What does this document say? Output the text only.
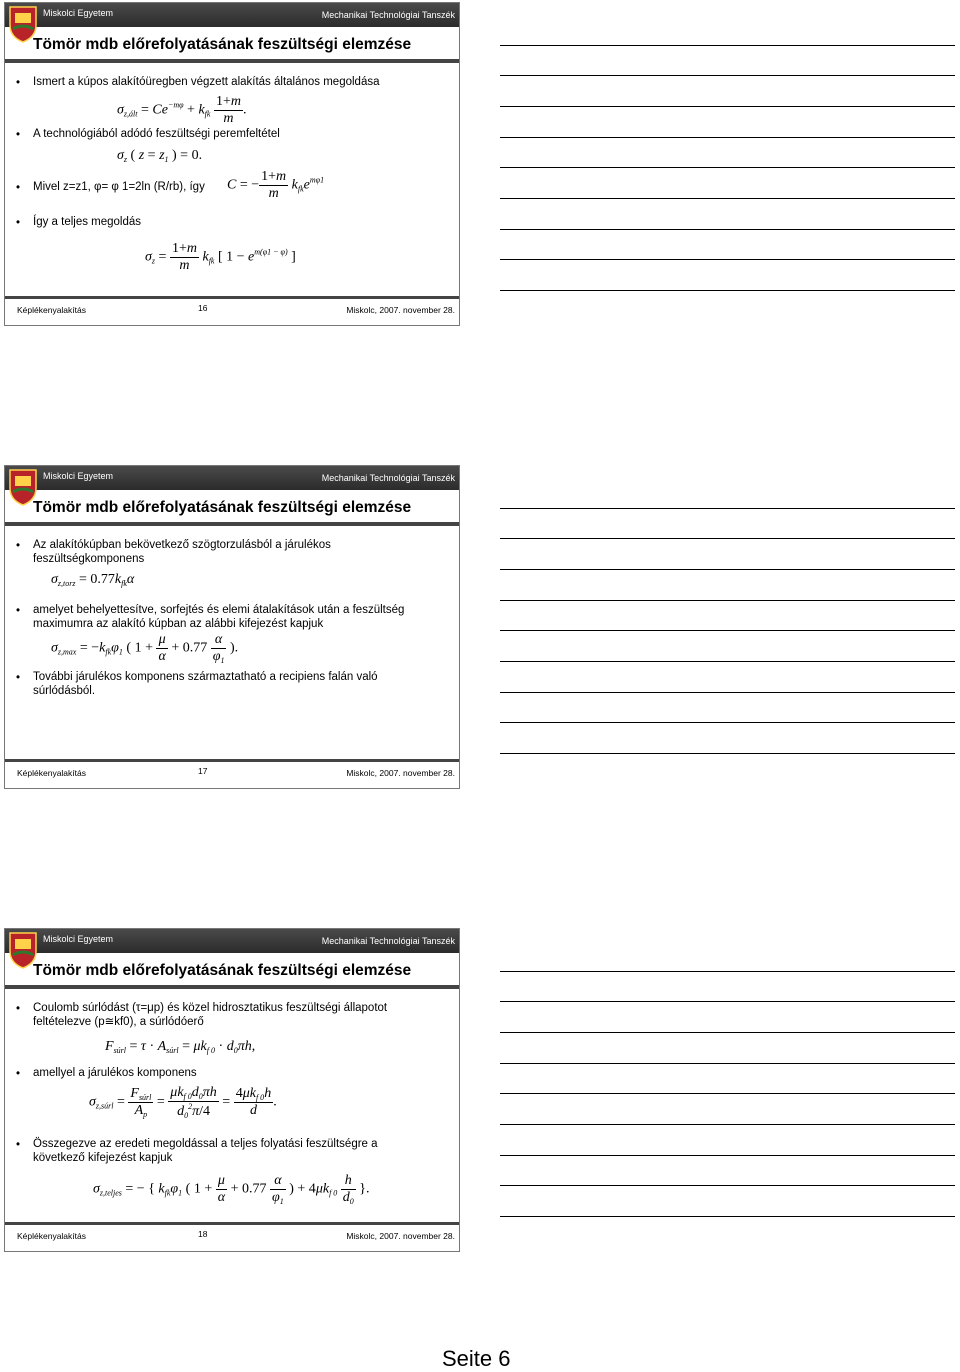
Miskolci Egyetem	Mechanikai Technológiai Tanszék
Tömör mdb előrefolyatásának feszültségi elemzése
• Ismert a kúpos alakítóüregben végzett alakítás általános megoldása
$\sigma_{z,ált} = Ce^{-m\varphi} + k_{fk} \frac{1+m}{m}$ .
• A technológiából adódó feszültségi peremfeltétel
$\sigma_z$ ( $z = z_1$ ) = 0.
• Mivel z=z1, φ= φ 1=2ln (R/rb), így	C = − $\frac{1+m}{m} k_{fk}e^{m\varphi 1}$
• Így a teljes megoldás
$\sigma_z = \frac{1+m}{m} k_{fk}$ [ $1 - e^{m(\varphi 1 - \varphi)}$ ]
Képlékenyalakítás	16	Miskolc, 2007. november 28.
Miskolci Egyetem	Mechanikai Technológiai Tanszék
Tömör mdb előrefolyatásának feszültségi elemzése
• Az alakítókúpban bekövetkező szögtorzulásból a járulékos feszültségkomponens
$\sigma_{z,torz} = 0.77k_{fk}\alpha$
• amelyet behelyettesítve, sorfejtés és elemi átalakítások után a feszültség maximumra az alakító kúpban az alábbi kifejezést kapjuk
$\sigma_{z,max} = -k_{fk}\varphi_1$ ( $1 + \frac{\mu}{\alpha} + 0.77 \frac{\alpha}{\varphi_1}$ ).
• További járulékos komponens származtatható a recipiens falán való súrlódásból.
Képlékenyalakítás	17	Miskolc, 2007. november 28.
Miskolci Egyetem	Mechanikai Technológiai Tanszék
Tömör mdb előrefolyatásának feszültségi elemzése
• Coulomb súrlódást (τ=μp) és közel hidrosztatikus feszültségi állapotot feltételezve (p≅kf0), a súrlódóerő
$F_{súrl} = \tau \cdot A_{súrl} = \mu k_{f 0} \cdot d_0\pi h$,
• amellyel a járulékos komponens
$\sigma_{z,súrl} = \frac{F_{súrl}}{A_p} = \frac{\mu k_{f 0}d_0\pi h}{d_0^2\pi/4} = \frac{4\mu k_{f 0}h}{d}$ .
• Összegezve az eredeti megoldással a teljes folyatási feszültségre a következő kifejezést kapjuk
$\sigma_{z,teljes}$ = − { $k_{fk}\varphi_1$ ( $1 + \frac{\mu}{\alpha} + 0.77 \frac{\alpha}{\varphi_1}$ ) + $4\mu k_{f 0} \frac{h}{d_0}$ }.
Képlékenyalakítás	18	Miskolc, 2007. november 28.
Seite 6
